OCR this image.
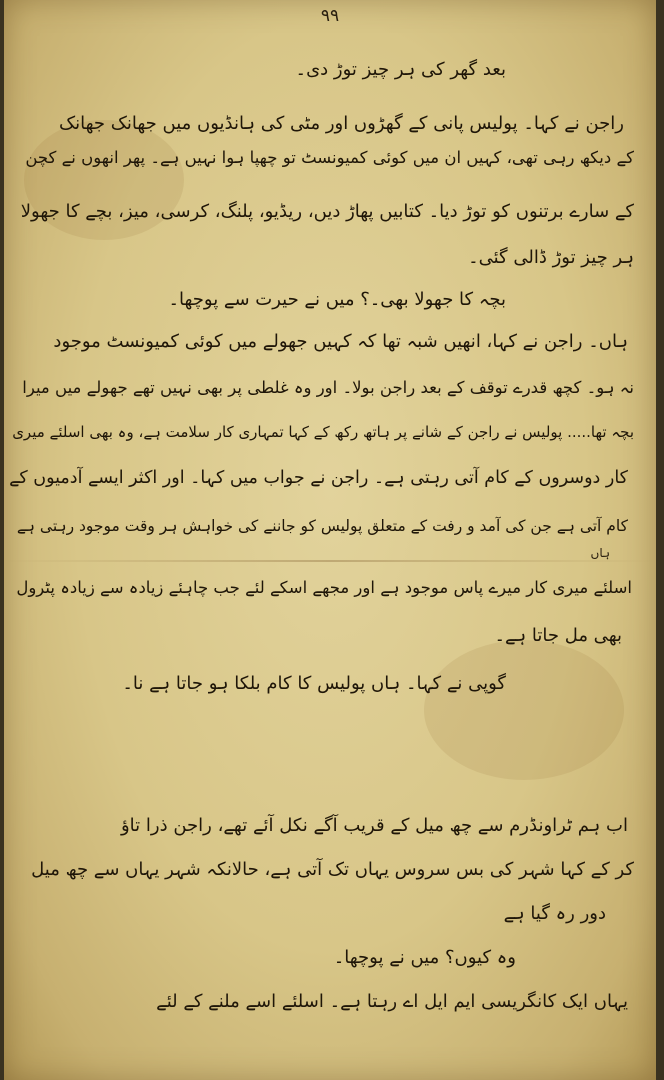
٩٩
بعد گھر کی ہر چیز توڑ دی۔
راجن نے کہا۔ پولیس پانی کے گھڑوں اور مٹی کی ہانڈیوں میں جھانک جھانک
کے دیکھ رہی تھی، کہیں ان میں کوئی کمیونسٹ تو چھپا ہوا نہیں ہے۔ پھر انھوں نے کچن
کے سارے برتنوں کو توڑ دیا۔ کتابیں پھاڑ دیں، ریڈیو، پلنگ، کرسی، میز، بچے کا جھولا
ہر چیز توڑ ڈالی گئی۔
بچہ کا جھولا بھی۔؟ میں نے حیرت سے پوچھا۔
ہاں۔ راجن نے کہا، انھیں شبہ تھا کہ کہیں جھولے میں کوئی کمیونسٹ موجود
نہ ہو۔ کچھ قدرے توقف کے بعد راجن بولا۔ اور وہ غلطی پر بھی نہیں تھے جھولے میں میرا
بچہ تھا..... پولیس نے راجن کے شانے پر ہاتھ رکھ کے کہا تمہاری کار سلامت ہے، وہ بھی اسلئے میری
کار دوسروں کے کام آتی رہتی ہے۔ راجن نے جواب میں کہا۔ اور اکثر ایسے آدمیوں کے
کام آتی ہے جن کی آمد و رفت کے متعلق پولیس کو جاننے کی خواہش ہر وقت موجود رہتی ہے
ہاں
اسلئے میری کار میرے پاس موجود ہے اور مجھے اسکے لئے جب چاہئے زیادہ سے زیادہ پٹرول
بھی مل جاتا ہے۔
گوپی نے کہا۔ ہاں پولیس کا کام بلکا ہو جاتا ہے نا۔
اب ہم ٹراونڈرم سے چھ میل کے قریب آگے نکل آئے تھے، راجن ذرا تاؤ
کر کے کہا شہر کی بس سروس یہاں تک آتی ہے، حالانکہ شہر یہاں سے چھ میل
دور رہ گیا ہے
وہ کیوں؟ میں نے پوچھا۔
یہاں ایک کانگریسی ایم ایل اے رہتا ہے۔ اسلئے اسے ملنے کے لئے
